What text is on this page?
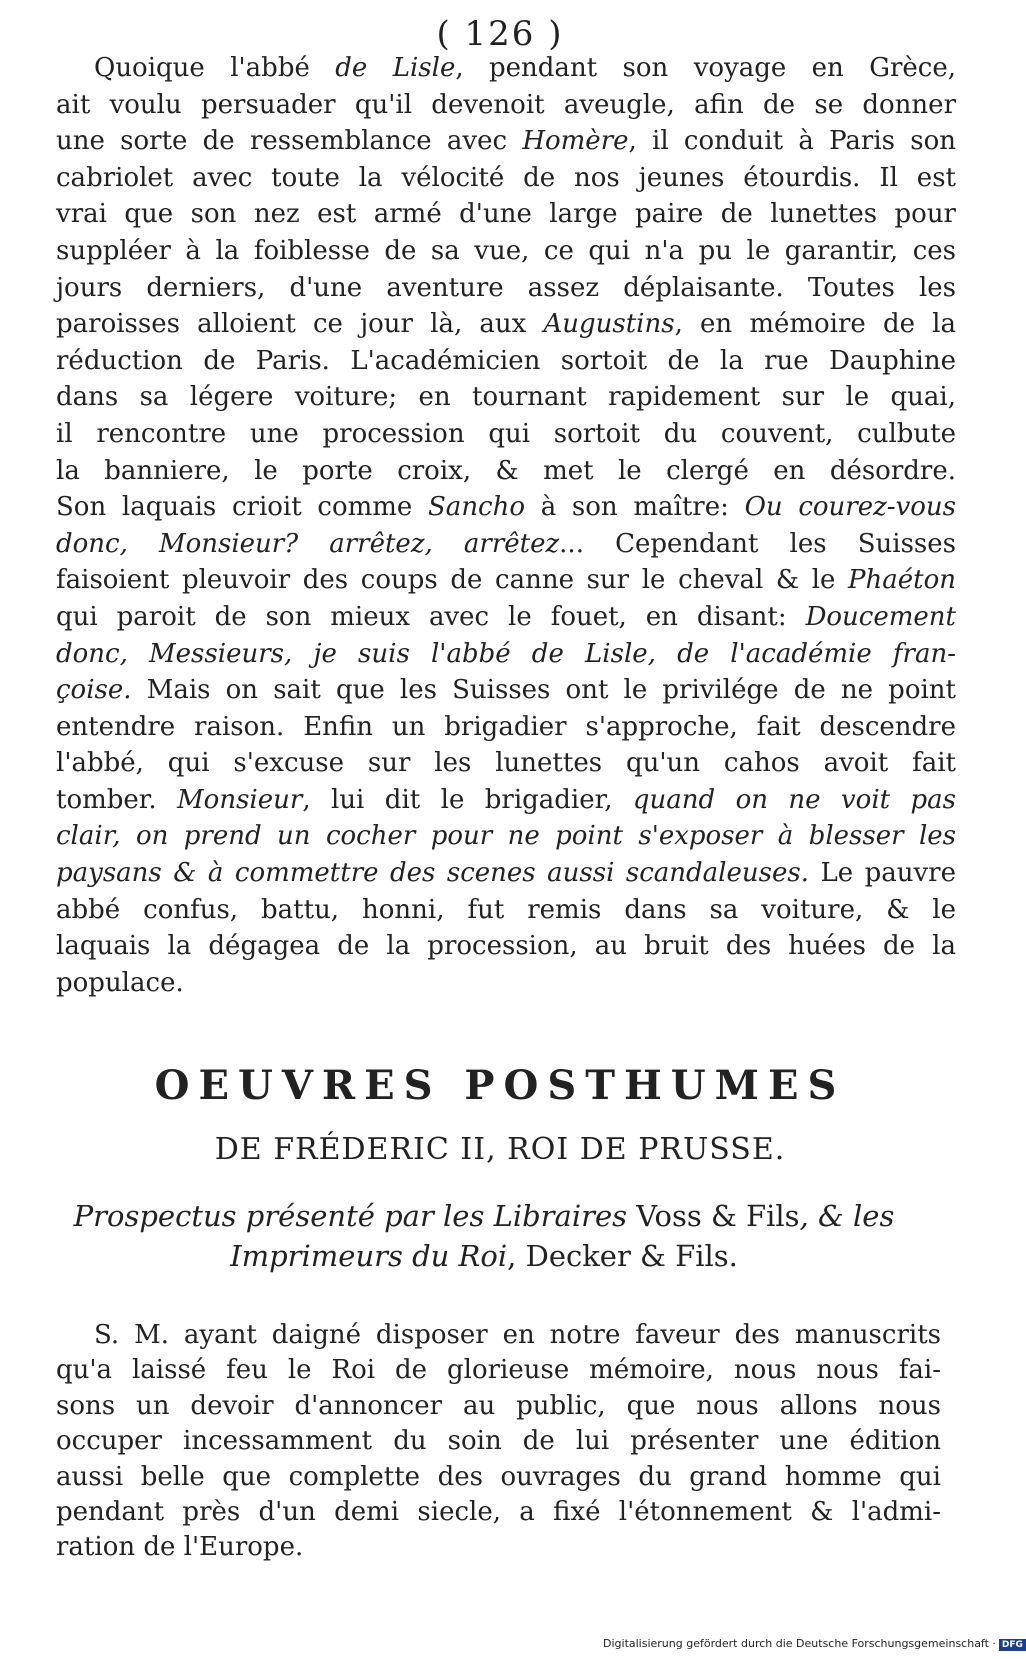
( 126 )
Quoique l'abbé de Lisle, pendant son voyage en Grèce,
ait voulu persuader qu'il devenoit aveugle, afin de se donner
une sorte de ressemblance avec Homère, il conduit à Paris son
cabriolet avec toute la vélocité de nos jeunes étourdis. Il est
vrai que son nez est armé d'une large paire de lunettes pour
suppléer à la foiblesse de sa vue, ce qui n'a pu le garantir, ces
jours derniers, d'une aventure assez déplaisante. Toutes les
paroisses alloient ce jour là, aux Augustins, en mémoire de la
réduction de Paris. L'académicien sortoit de la rue Dauphine
dans sa légere voiture; en tournant rapidement sur le quai,
il rencontre une procession qui sortoit du couvent, culbute
la banniere, le porte croix, & met le clergé en désordre.
Son laquais crioit comme Sancho à son maître: Ou courez-vous
donc, Monsieur? arrêtez, arrêtez... Cependant les Suisses
faisoient pleuvoir des coups de canne sur le cheval & le Phaéton
qui paroit de son mieux avec le fouet, en disant: Doucement
donc, Messieurs, je suis l'abbé de Lisle, de l'académie fran-
çoise. Mais on sait que les Suisses ont le privilége de ne point
entendre raison. Enfin un brigadier s'approche, fait descendre
l'abbé, qui s'excuse sur les lunettes qu'un cahos avoit fait
tomber. Monsieur, lui dit le brigadier, quand on ne voit pas
clair, on prend un cocher pour ne point s'exposer à blesser les
paysans & à commettre des scenes aussi scandaleuses. Le pauvre
abbé confus, battu, honni, fut remis dans sa voiture, & le
laquais la dégagea de la procession, au bruit des huées de la
populace.
OEUVRES POSTHUMES
DE FRÉDERIC II, ROI DE PRUSSE.
Prospectus présenté par les Libraires Voss & Fils, & les
Imprimeurs du Roi, Decker & Fils.
S. M. ayant daigné disposer en notre faveur des manuscrits
qu'a laissé feu le Roi de glorieuse mémoire, nous nous fai-
sons un devoir d'annoncer au public, que nous allons nous
occuper incessamment du soin de lui présenter une édition
aussi belle que complette des ouvrages du grand homme qui
pendant près d'un demi siecle, a fixé l'étonnement & l'admi-
ration de l'Europe.
Digitalisierung gefördert durch die Deutsche Forschungsgemeinschaft · DFG
